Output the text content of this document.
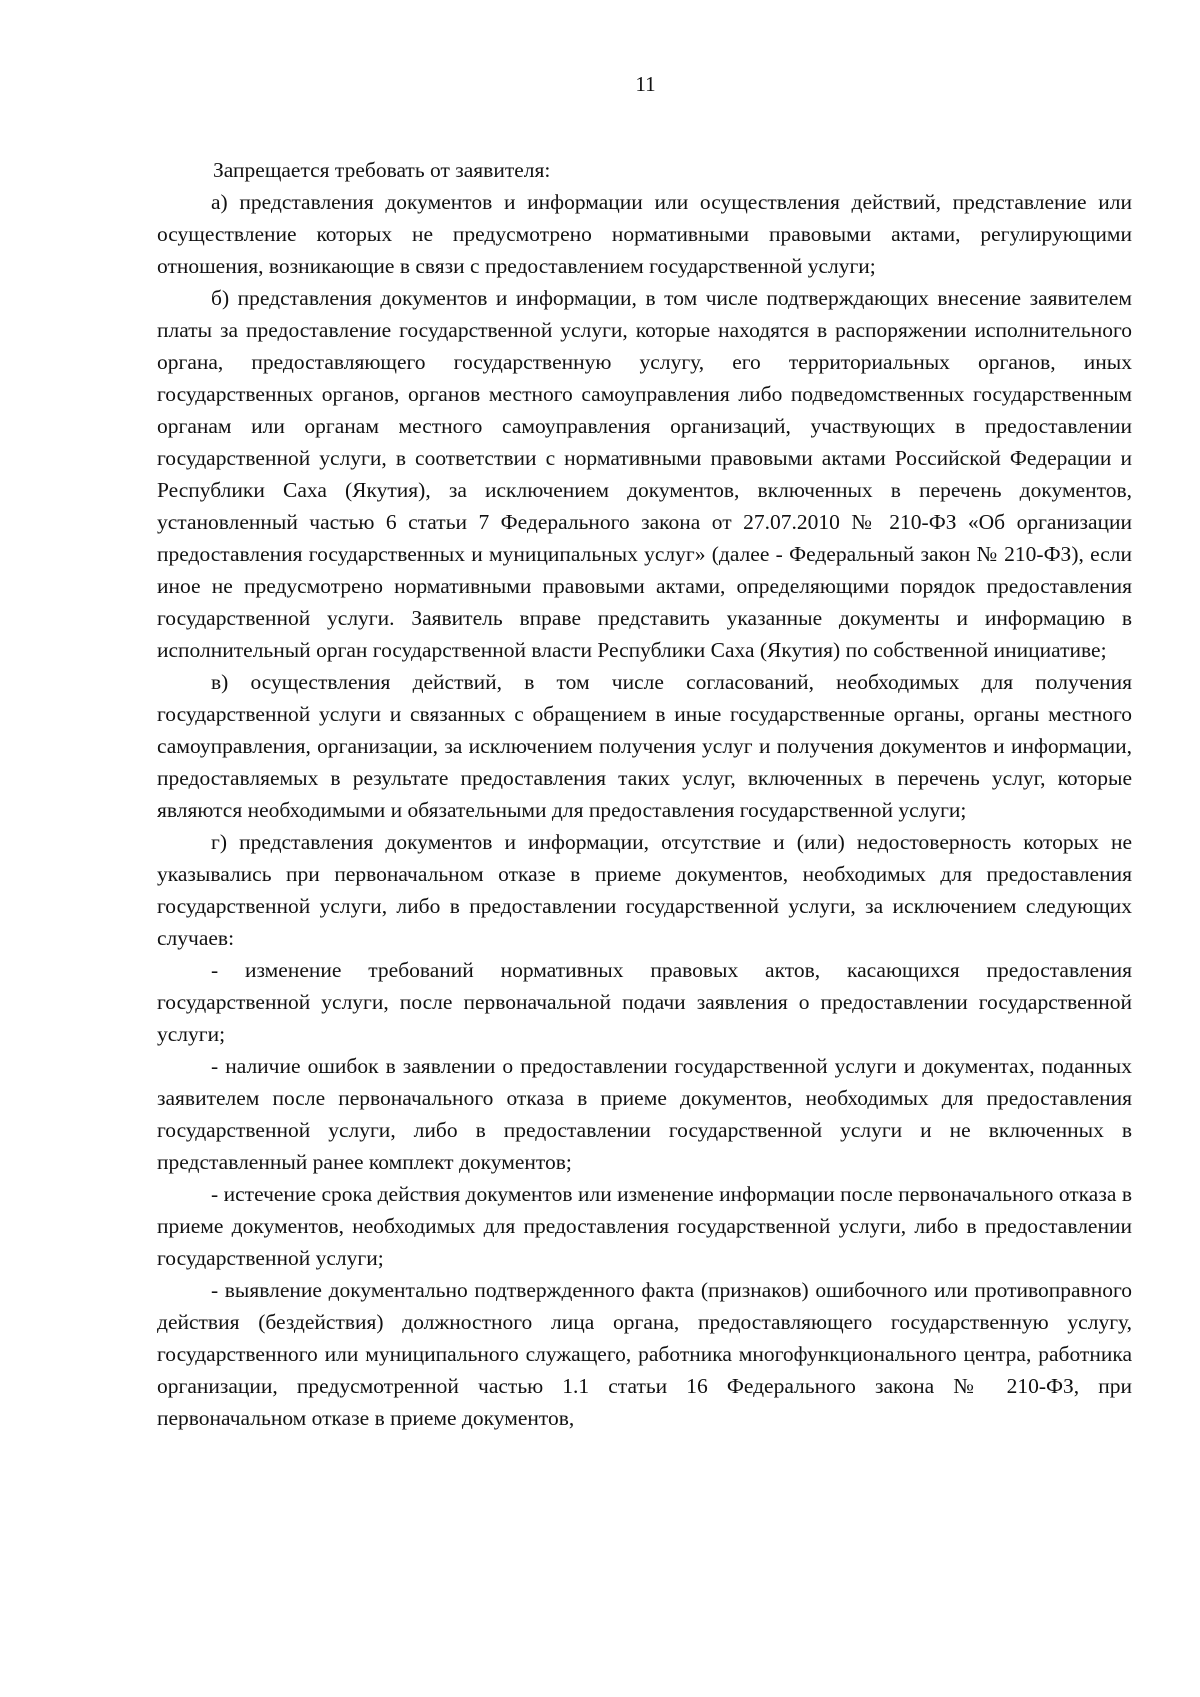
11

Запрещается требовать от заявителя:

а) представления документов и информации или осуществления действий, представление или осуществление которых не предусмотрено нормативными правовыми актами, регулирующими отношения, возникающие в связи с предоставлением государственной услуги;

б) представления документов и информации, в том числе подтверждающих внесение заявителем платы за предоставление государственной услуги, которые находятся в распоряжении исполнительного органа, предоставляющего государственную услугу, его территориальных органов, иных государственных органов, органов местного самоуправления либо подведомственных государственным органам или органам местного самоуправления организаций, участвующих в предоставлении государственной услуги, в соответствии с нормативными правовыми актами Российской Федерации и Республики Саха (Якутия), за исключением документов, включенных в перечень документов, установленный частью 6 статьи 7 Федерального закона от 27.07.2010 № 210-ФЗ «Об организации предоставления государственных и муниципальных услуг» (далее - Федеральный закон № 210-ФЗ), если иное не предусмотрено нормативными правовыми актами, определяющими порядок предоставления государственной услуги. Заявитель вправе представить указанные документы и информацию в исполнительный орган государственной власти Республики Саха (Якутия) по собственной инициативе;

в) осуществления действий, в том числе согласований, необходимых для получения государственной услуги и связанных с обращением в иные государственные органы, органы местного самоуправления, организации, за исключением получения услуг и получения документов и информации, предоставляемых в результате предоставления таких услуг, включенных в перечень услуг, которые являются необходимыми и обязательными для предоставления государственной услуги;

г) представления документов и информации, отсутствие и (или) недостоверность которых не указывались при первоначальном отказе в приеме документов, необходимых для предоставления государственной услуги, либо в предоставлении государственной услуги, за исключением следующих случаев:

- изменение требований нормативных правовых актов, касающихся предоставления государственной услуги, после первоначальной подачи заявления о предоставлении государственной услуги;

- наличие ошибок в заявлении о предоставлении государственной услуги и документах, поданных заявителем после первоначального отказа в приеме документов, необходимых для предоставления государственной услуги, либо в предоставлении государственной услуги и не включенных в представленный ранее комплект документов;

- истечение срока действия документов или изменение информации после первоначального отказа в приеме документов, необходимых для предоставления государственной услуги, либо в предоставлении государственной услуги;

- выявление документально подтвержденного факта (признаков) ошибочного или противоправного действия (бездействия) должностного лица органа, предоставляющего государственную услугу, государственного или муниципального служащего, работника многофункционального центра, работника организации, предусмотренной частью 1.1 статьи 16 Федерального закона № 210-ФЗ, при первоначальном отказе в приеме документов,
